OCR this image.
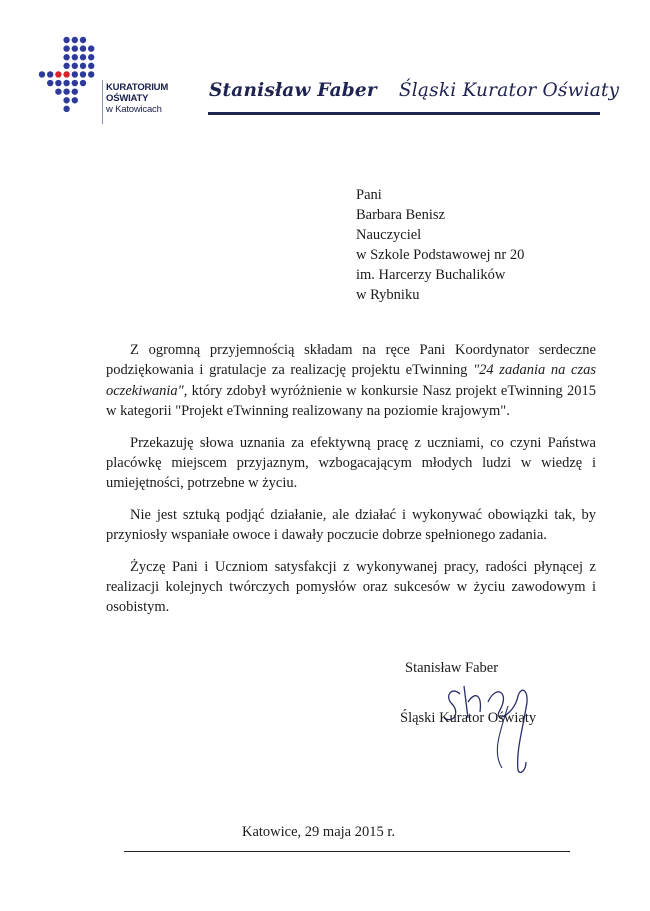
KURATORIUM
OŚWIATY
w Katowicach
Stanisław Faber Śląski Kurator Oświaty
Pani
Barbara Benisz
Nauczyciel
w Szkole Podstawowej nr 20
im. Harcerzy Buchalików
w Rybniku

Z ogromną przyjemnością składam na ręce Pani Koordynator serdeczne podziękowania i gratulacje za realizację projektu eTwinning "24 zadania na czas oczekiwania", który zdobył wyróżnienie w konkursie Nasz projekt eTwinning 2015 w kategorii "Projekt eTwinning realizowany na poziomie krajowym".

Przekazuję słowa uznania za efektywną pracę z uczniami, co czyni Państwa placówkę miejscem przyjaznym, wzbogacającym młodych ludzi w wiedzę i umiejętności, potrzebne w życiu.

Nie jest sztuką podjąć działanie, ale działać i wykonywać obowiązki tak, by przyniosły wspaniałe owoce i dawały poczucie dobrze spełnionego zadania.

Życzę Pani i Uczniom satysfakcji z wykonywanej pracy, radości płynącej z realizacji kolejnych twórczych pomysłów oraz sukcesów w życiu zawodowym i osobistym.

Stanisław Faber
Śląski Kurator Oświaty
Katowice, 29 maja 2015 r.
